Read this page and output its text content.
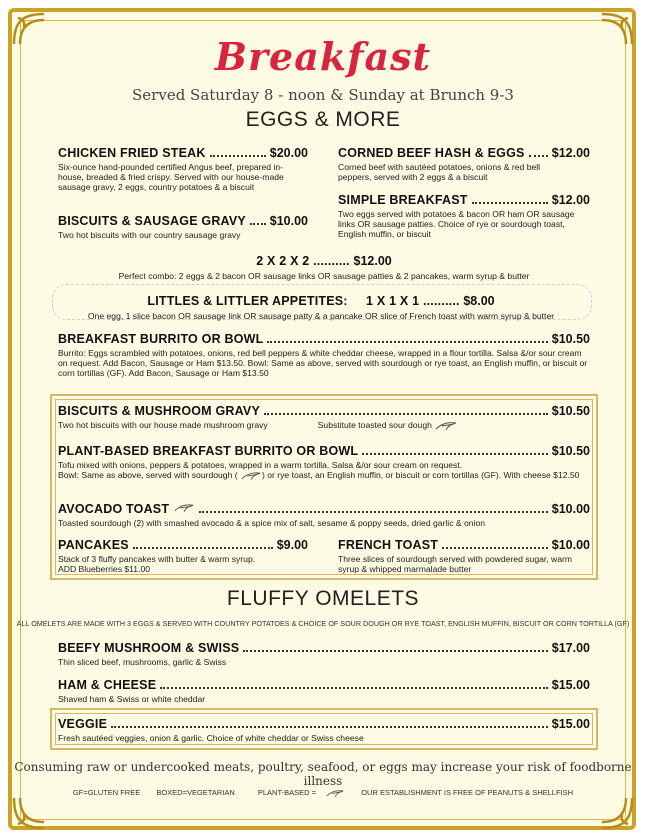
Breakfast
Served Saturday 8 - noon & Sunday at Brunch 9-3
EGGS & MORE
CHICKEN FRIED STEAK	$20.00
Six-ounce hand-pounded certified Angus beef, prepared in-house, breaded & fried crispy. Served with our house-made sausage gravy, 2 eggs, country potatoes & a biscuit
CORNED BEEF HASH & EGGS $12.00
Corned beef with sautéed potatoes, onions & red bell peppers, served with 2 eggs & a biscuit
SIMPLE BREAKFAST	$12.00
Two eggs served with potatoes & bacon OR ham OR sausage links OR sausage patties. Choice of rye or sourdough toast, English muffin, or biscuit
BISCUITS & SAUSAGE GRAVY $10.00
Two hot biscuits with our country sausage gravy
2 X 2 X 2 .......... $12.00
Perfect combo: 2 eggs & 2 bacon OR sausage links OR sausage patties & 2 pancakes, warm syrup & butter
LITTLES & LITTLER APPETITES: 1 X 1 X 1 .......... $8.00
One egg, 1 slice bacon OR sausage link OR sausage patty & a pancake OR slice of French toast with warm syrup & butter
BREAKFAST BURRITO OR BOWL	$10.50
Burrito: Eggs scrambled with potatoes, onions, red bell peppers & white cheddar cheese, wrapped in a flour tortilla. Salsa &/or sour cream on request. Add Bacon, Sausage or Ham $13.50. Bowl: Same as above, served with sourdough or rye toast, an English muffin, or biscuit or corn tortillas (GF). Add Bacon, Sausage or Ham $13.50
BISCUITS & MUSHROOM GRAVY	$10.50
Two hot biscuits with our house made mushroom gravy	Substitute toasted sour dough
PLANT-BASED BREAKFAST BURRITO OR BOWL	$10.50
Tofu mixed with onions, peppers & potatoes, wrapped in a warm tortilla. Salsa &/or sour cream on request.
Bowl: Same as above, served with sourdough (	) or rye toast, an English muffin, or biscuit or corn tortillas (GF). With cheese $12.50
AVOCADO TOAST	$10.00
Toasted sourdough (2) with smashed avocado & a spice mix of salt, sesame & poppy seeds, dried garlic & onion
PANCAKES	$9.00
Stack of 3 fluffy pancakes with butter & warm syrup.
ADD Blueberries $11.00
FRENCH TOAST	$10.00
Three slices of sourdough served with powdered sugar, warm syrup & whipped marmalade butter
FLUFFY OMELETS
ALL OMELETS ARE MADE WITH 3 EGGS & SERVED WITH COUNTRY POTATOES & CHOICE OF SOUR DOUGH OR RYE TOAST, ENGLISH MUFFIN, BISCUIT OR CORN TORTILLA (GF)
BEEFY MUSHROOM & SWISS	$17.00
Thin sliced beef, mushrooms, garlic & Swiss
HAM & CHEESE	$15.00
Shaved ham & Swiss or white cheddar
VEGGIE	$15.00
Fresh sautéed veggies, onion & garlic. Choice of white cheddar or Swiss cheese
Consuming raw or undercooked meats, poultry, seafood, or eggs may increase your risk of foodborne illness
GF=GLUTEN FREE BOXED=VEGETARIAN	PLANT-BASED =	OUR ESTABLISHMENT IS FREE OF PEANUTS & SHELLFISH
